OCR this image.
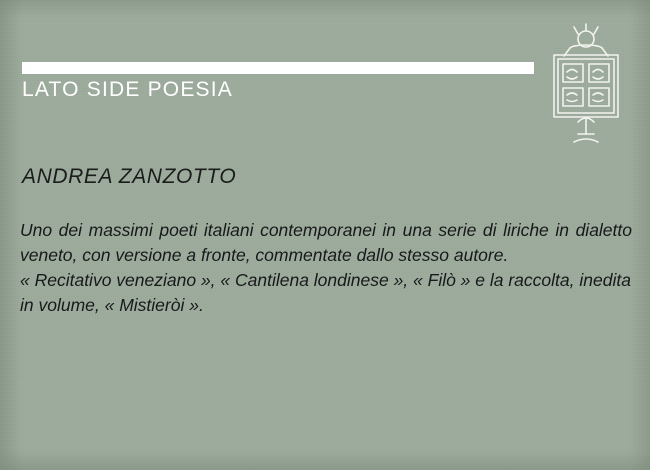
LATO SIDE POESIA
ANDREA ZANZOTTO

Uno dei massimi poeti italiani contemporanei in una serie di liriche in dialetto veneto, con versione a fronte, commentate dallo stesso autore.

« Recitativo veneziano », « Cantilena londinese », « Filò » e la raccolta, inedita in volume, « Mistieròi ».
